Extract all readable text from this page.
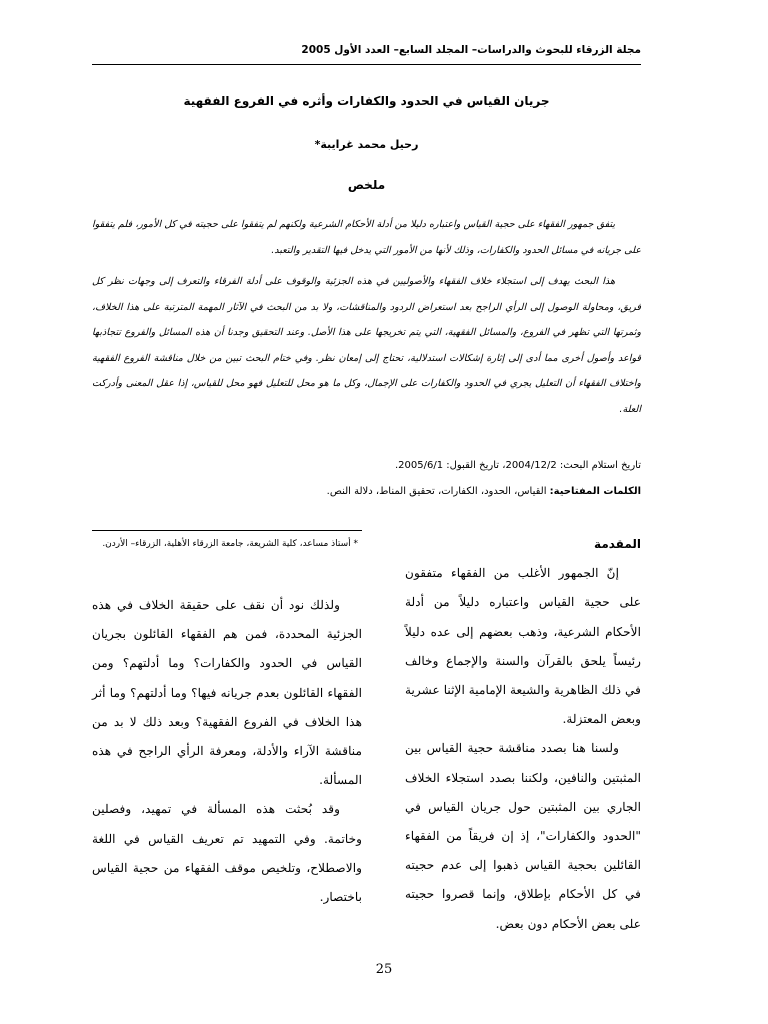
مجلة الزرقاء للبحوث والدراسات– المجلد السابع– العدد الأول 2005
جريان القياس في الحدود والكفارات وأثره في الفروع الفقهية
رحيل محمد غرايبة*
ملخص

يتفق جمهور الفقهاء على حجية القياس واعتباره دليلا من أدلة الأحكام الشرعية ولكنهم لم يتفقوا على حجيته في كل الأمور، فلم يتفقوا على جريانه في مسائل الحدود والكفارات، وذلك لأنها من الأمور التي يدخل فيها التقدير والتعبد.

هذا البحث يهدف إلى استجلاء خلاف الفقهاء والأصوليين في هذه الجزئية والوقوف على أدلة الفرقاء والتعرف إلى وجهات نظر كل فريق، ومحاولة الوصول إلى الرأي الراجح بعد استعراض الردود والمناقشات، ولا بد من البحث في الآثار المهمة المترتبة على هذا الخلاف، وثمرتها التي تظهر في الفروع، والمسائل الفقهية، التي يتم تخريجها على هذا الأصل. وعند التحقيق وجدنا أن هذه المسائل والفروع تتجاذبها قواعد وأصول أخرى مما أدى إلى إثارة إشكالات استدلالية، تحتاج إلى إمعان نظر. وفي ختام البحث تبين من خلال مناقشة الفروع الفقهية واختلاف الفقهاء أن التعليل يجري في الحدود والكفارات على الإجمال، وكل ما هو محل للتعليل فهو محل للقياس، إذا عقل المعنى وأدركت العلة.

تاريخ استلام البحث: 2004/12/2، تاريخ القبول: 2005/6/1.
الكلمات المفتاحية: القياس، الحدود، الكفارات، تحقيق المناط، دلالة النص.
المقدمة

إنّ الجمهور الأغلب من الفقهاء متفقون على حجية القياس واعتباره دليلاً من أدلة الأحكام الشرعية، وذهب بعضهم إلى عده دليلاً رئيساً يلحق بالقرآن والسنة والإجماع وخالف في ذلك الظاهرية والشيعة الإمامية الإثنا عشرية وبعض المعتزلة.

ولسنا هنا بصدد مناقشة حجية القياس بين المثبتين والنافين، ولكننا بصدد استجلاء الخلاف الجاري بين المثبتين حول جريان القياس في "الحدود والكفارات"، إذ إن فريقاً من الفقهاء القائلين بحجية القياس ذهبوا إلى عدم حجيته في كل الأحكام بإطلاق، وإنما قصروا حجيته على بعض الأحكام دون بعض.

* أستاذ مساعد، كلية الشريعة، جامعة الزرقاء الأهلية، الزرقاء– الأردن.

ولذلك نود أن نقف على حقيقة الخلاف في هذه الجزئية المحددة، فمن هم الفقهاء القائلون بجريان القياس في الحدود والكفارات؟ وما أدلتهم؟ ومن الفقهاء القائلون بعدم جريانه فيها؟ وما أدلتهم؟ وما أثر هذا الخلاف في الفروع الفقهية؟ وبعد ذلك لا بد من مناقشة الآراء والأدلة، ومعرفة الرأي الراجح في هذه المسألة.

وقد بُحثت هذه المسألة في تمهيد، وفصلين وخاتمة. وفي التمهيد تم تعريف القياس في اللغة والاصطلاح، وتلخيص موقف الفقهاء من حجية القياس باختصار.

25
